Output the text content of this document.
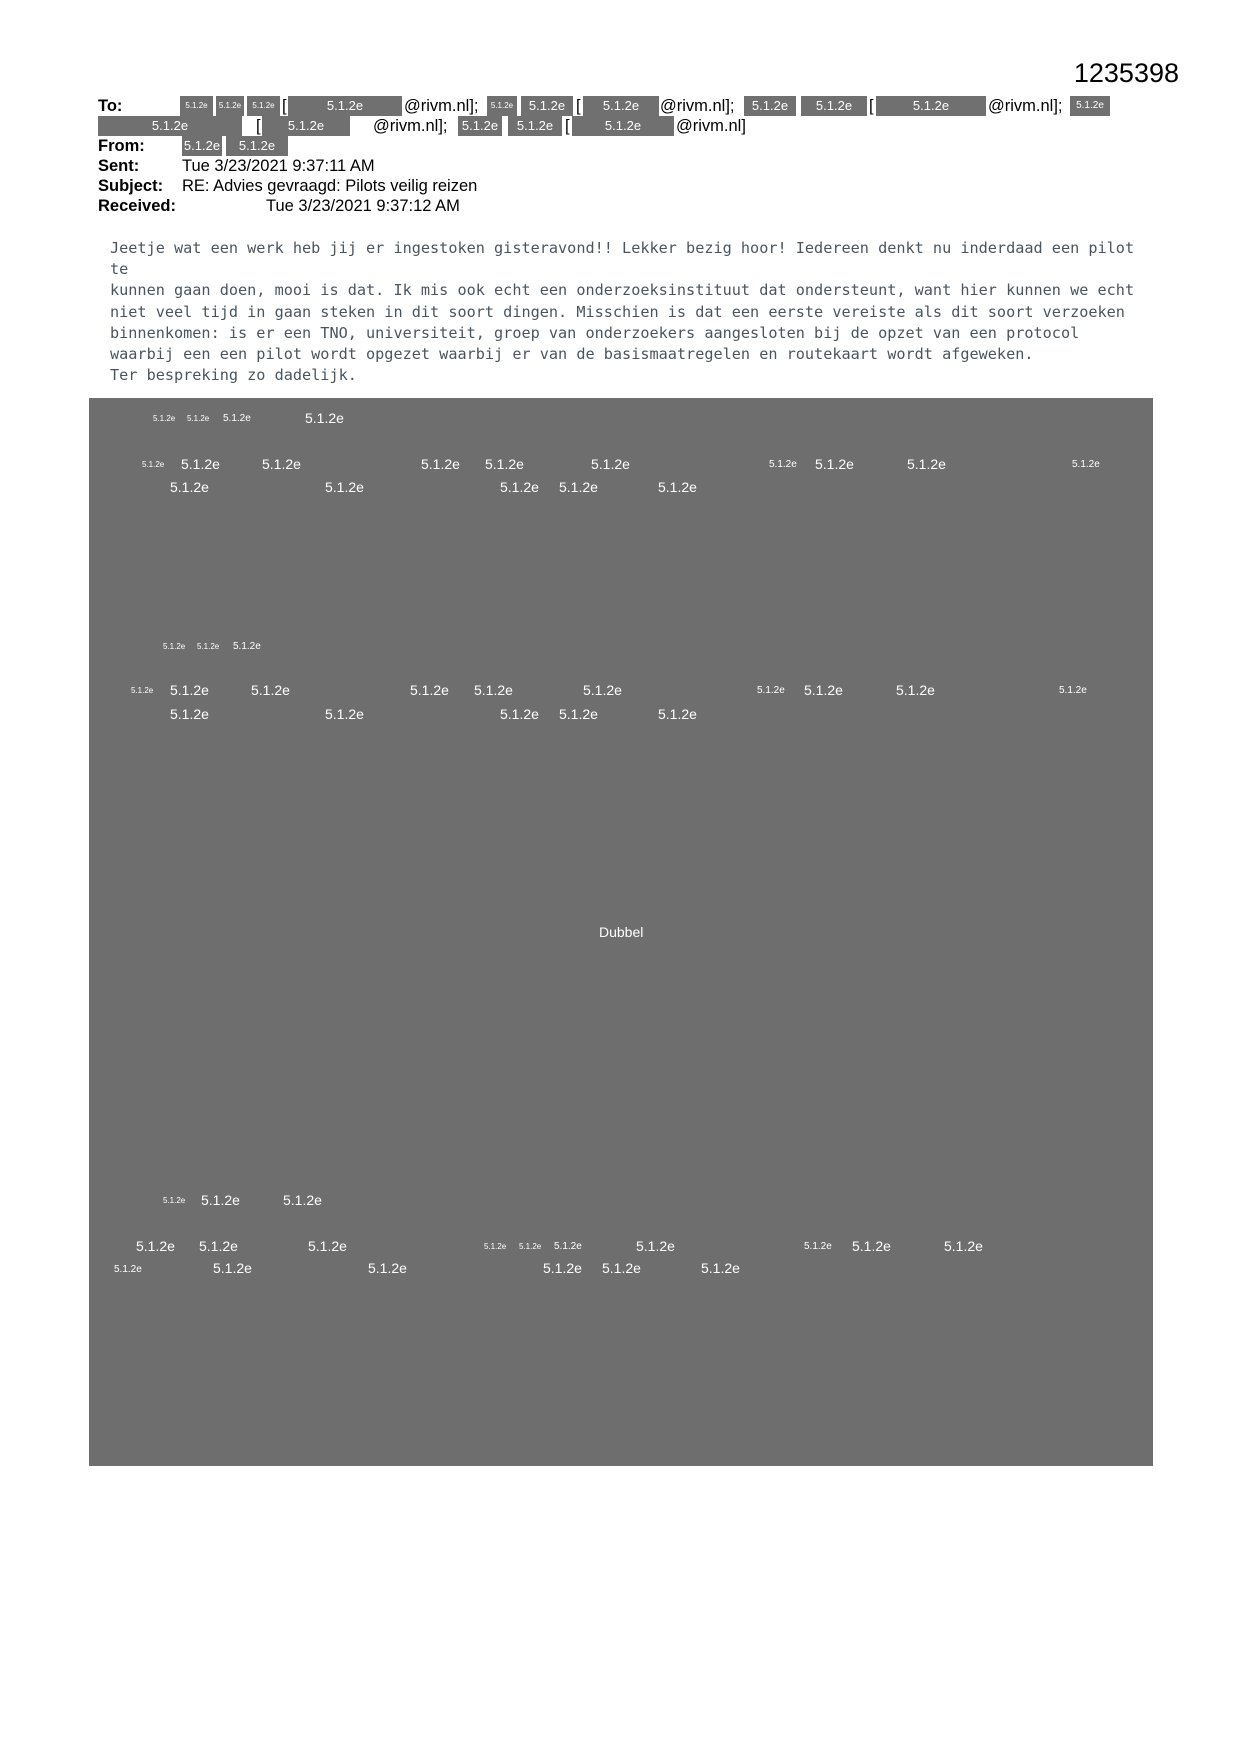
1235398
To:	5.1.2e	5.1.2e	5.1.2e [	5.1.2e	@rivm.nl];	5.1.2e	5.1.2e [	5.1.2e	@rivm.nl];	5.1.2e	5.1.2e	[	5.1.2e	@rivm.nl];	5.1.2e
5.1.2e	[	5.1.2e	@rivm.nl];	5.1.2e	5.1.2e [	5.1.2e	@rivm.nl]
From:	5.1.2e	5.1.2e
Sent:	Tue 3/23/2021 9:37:11 AM
Subject: RE: Advies gevraagd: Pilots veilig reizen
Received:	Tue 3/23/2021 9:37:12 AM
Jeetje wat een werk heb jij er ingestoken gisteravond!! Lekker bezig hoor! Iedereen denkt nu inderdaad een pilot te
kunnen gaan doen, mooi is dat. Ik mis ook echt een onderzoeksinstituut dat ondersteunt, want hier kunnen we echt
niet veel tijd in gaan steken in dit soort dingen. Misschien is dat een eerste vereiste als dit soort verzoeken
binnenkomen: is er een TNO, universiteit, groep van onderzoekers aangesloten bij de opzet van een protocol
waarbij een een pilot wordt opgezet waarbij er van de basismaatregelen en routekaart wordt afgeweken.
Ter bespreking zo dadelijk.
5.1.2e 5.1.2e 5.1.2e	5.1.2e
5.1.2e 5.1.2e	5.1.2e	5.1.2e 5.1.2e	5.1.2e	5.1.2e 5.1.2e	5.1.2e	5.1.2e
5.1.2e	5.1.2e	5.1.2e 5.1.2e	5.1.2e
5.1.2e 5.1.2e 5.1.2e
5.1.2e 5.1.2e	5.1.2e	5.1.2e 5.1.2e	5.1.2e	5.1.2e 5.1.2e	5.1.2e	5.1.2e
5.1.2e	5.1.2e	5.1.2e 5.1.2e	5.1.2e
Dubbel
5.1.2e 5.1.2e	5.1.2e
5.1.2e 5.1.2e	5.1.2e	5.1.2e 5.1.2e 5.1.2e	5.1.2e	5.1.2e 5.1.2e	5.1.2e
5.1.2e	5.1.2e	5.1.2e	5.1.2e 5.1.2e	5.1.2e
